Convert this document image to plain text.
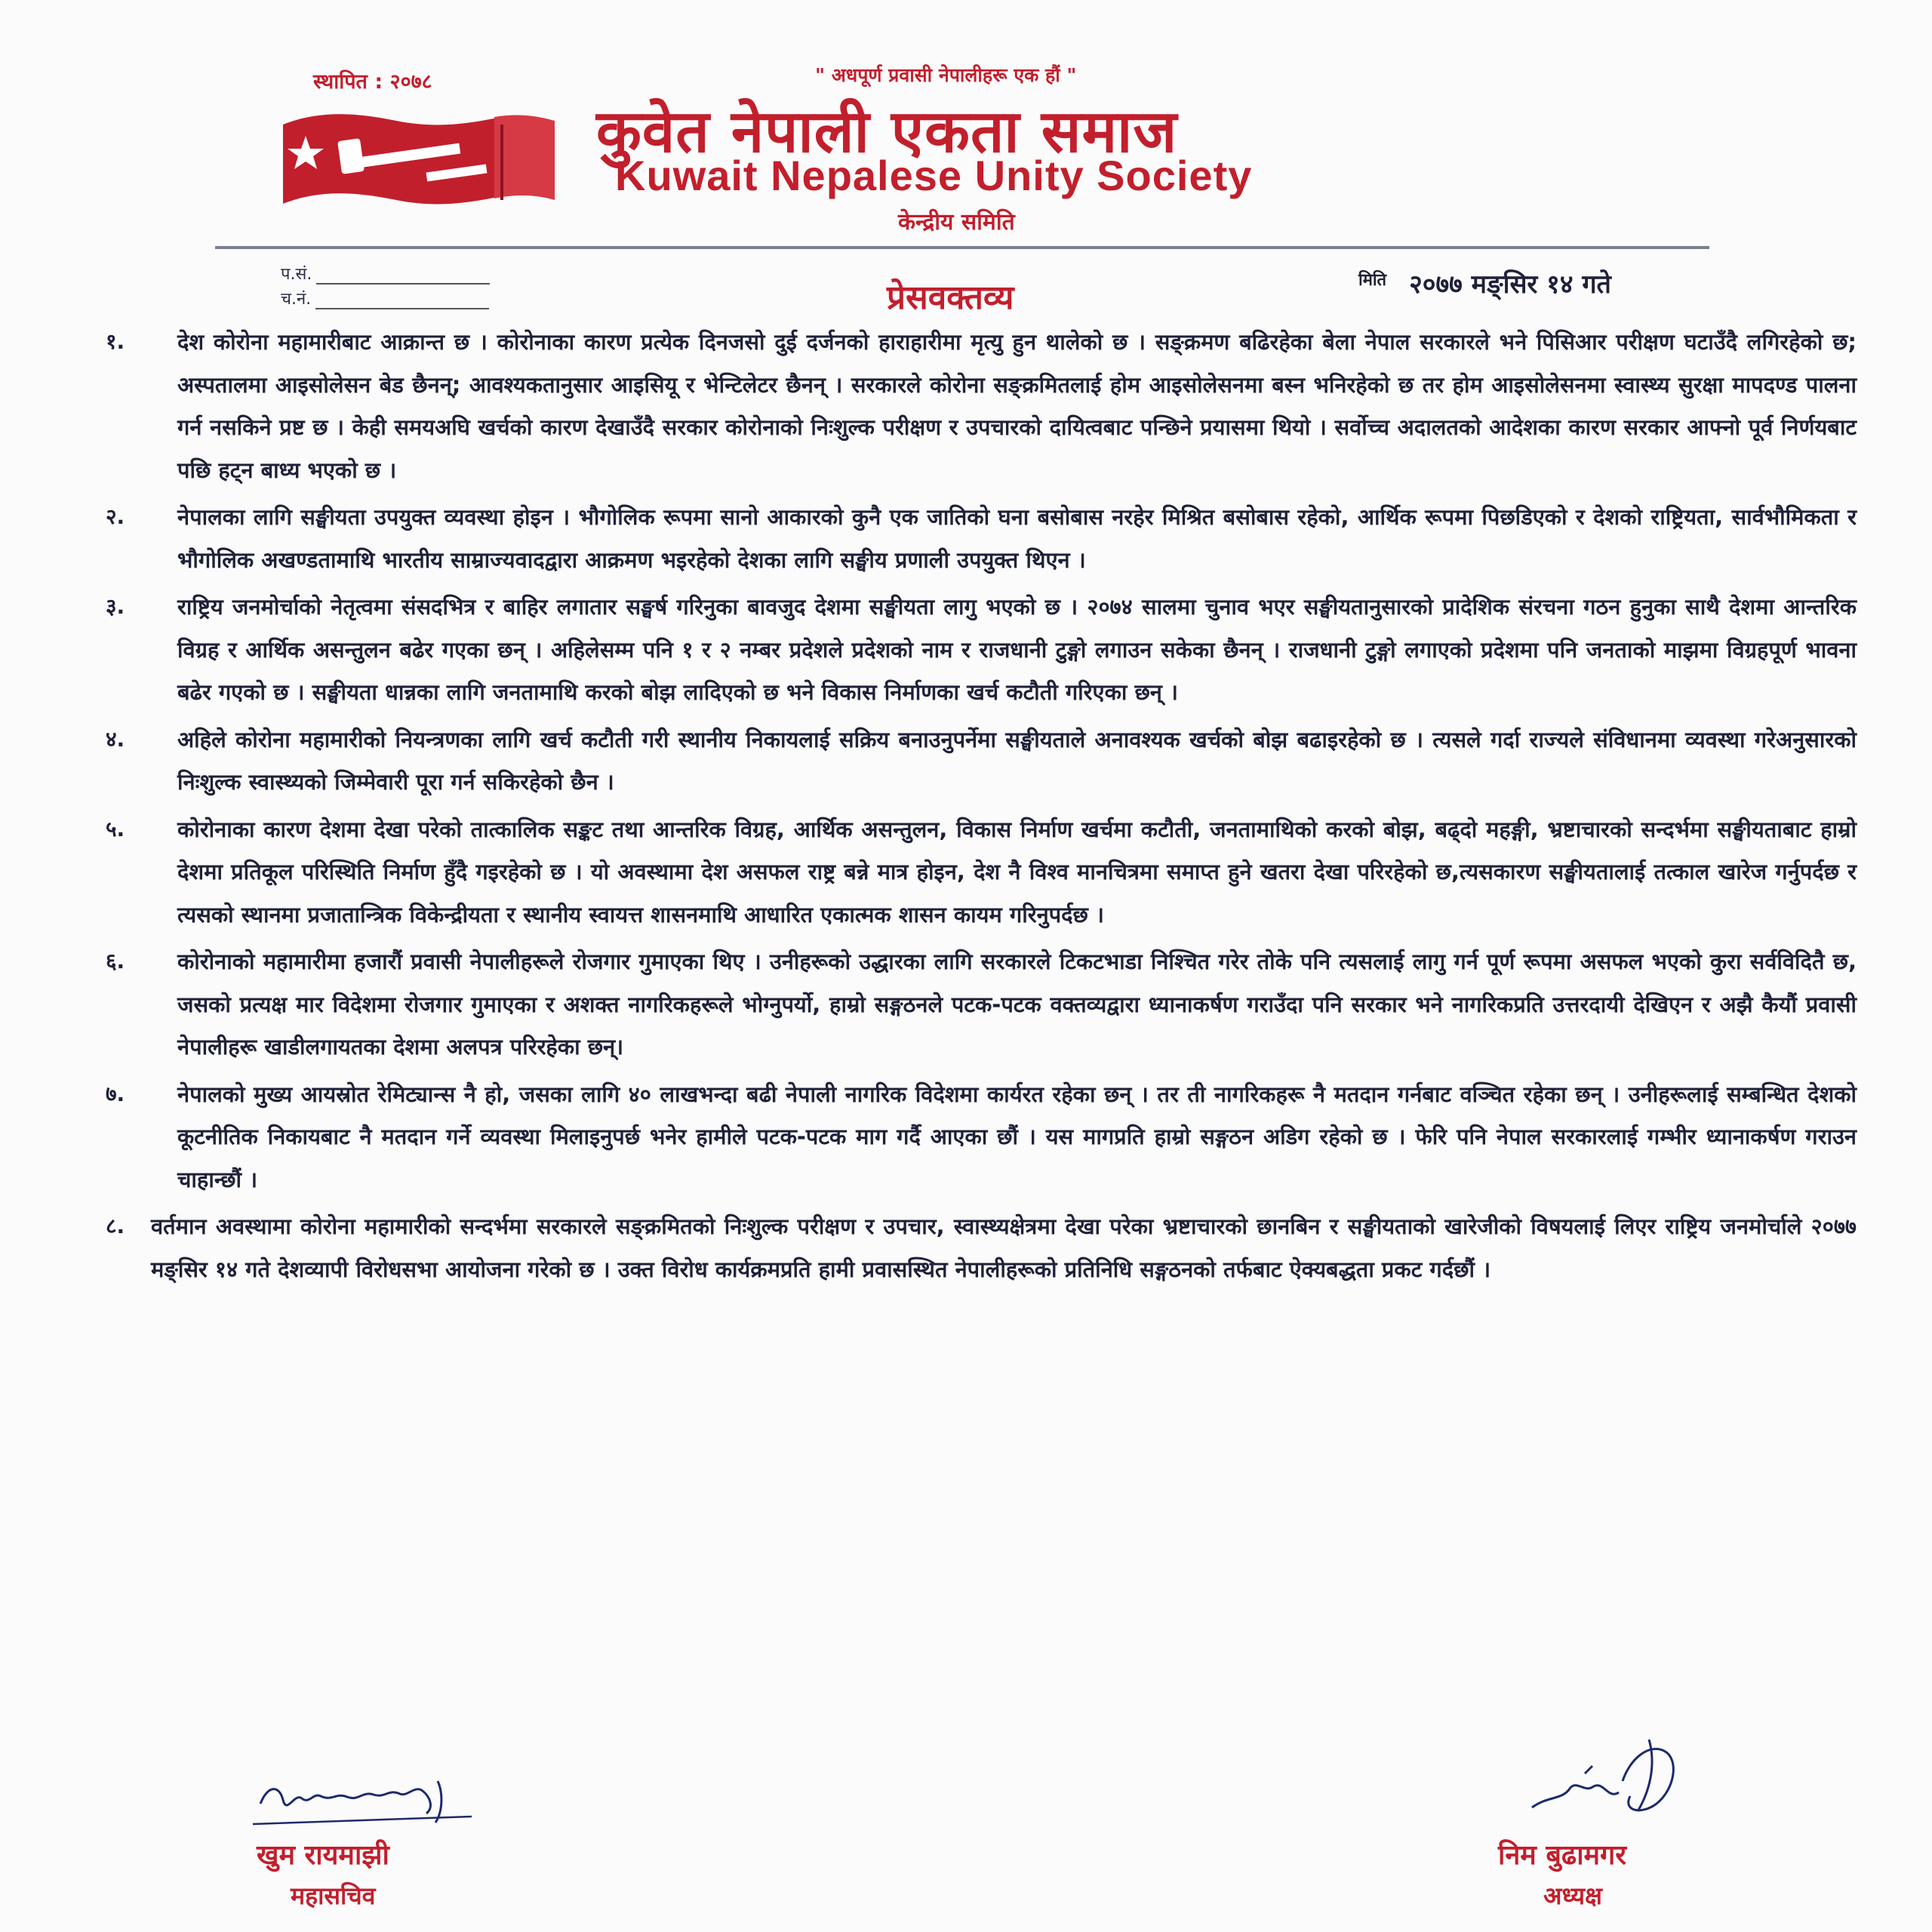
स्थापित : २०७८	" अधपूर्ण प्रवासी नेपालीहरू एक हौं "
कुवेत नेपाली एकता समाज
Kuwait Nepalese Unity Society
केन्द्रीय समिति
प.सं.
च.नं.	प्रेसवक्तव्य	$^{मिति}$ २०७७ मङ्सिर १४ गते
१.	देश कोरोना महामारीबाट आक्रान्त छ । कोरोनाका कारण प्रत्येक दिनजसो दुई दर्जनको हाराहारीमा मृत्यु हुन थालेको छ । सङ्क्रमण बढिरहेका बेला नेपाल सरकारले भने पिसिआर परीक्षण घटाउँदै लगिरहेको छ; अस्पतालमा आइसोलेसन बेड छैनन्; आवश्यकतानुसार आइसियू र भेन्टिलेटर छैनन् । सरकारले कोरोना सङ्क्रमितलाई होम आइसोलेसनमा बस्न भनिरहेको छ तर होम आइसोलेसनमा स्वास्थ्य सुरक्षा मापदण्ड पालना गर्न नसकिने प्रष्ट छ । केही समयअघि खर्चको कारण देखाउँदै सरकार कोरोनाको निःशुल्क परीक्षण र उपचारको दायित्वबाट पन्छिने प्रयासमा थियो । सर्वोच्च अदालतको आदेशका कारण सरकार आफ्नो पूर्व निर्णयबाट पछि हट्न बाध्य भएको छ ।
२.	नेपालका लागि सङ्घीयता उपयुक्त व्यवस्था होइन । भौगोलिक रूपमा सानो आकारको कुनै एक जातिको घना बसोबास नरहेर मिश्रित बसोबास रहेको, आर्थिक रूपमा पिछडिएको र देशको राष्ट्रियता, सार्वभौमिकता र भौगोलिक अखण्डतामाथि भारतीय साम्राज्यवादद्वारा आक्रमण भइरहेको देशका लागि सङ्घीय प्रणाली उपयुक्त थिएन ।
३.	राष्ट्रिय जनमोर्चाको नेतृत्वमा संसदभित्र र बाहिर लगातार सङ्घर्ष गरिनुका बावजुद देशमा सङ्घीयता लागु भएको छ । २०७४ सालमा चुनाव भएर सङ्घीयतानुसारको प्रादेशिक संरचना गठन हुनुका साथै देशमा आन्तरिक विग्रह र आर्थिक असन्तुलन बढेर गएका छन् । अहिलेसम्म पनि १ र २ नम्बर प्रदेशले प्रदेशको नाम र राजधानी टुङ्गो लगाउन सकेका छैनन् । राजधानी टुङ्गो लगाएको प्रदेशमा पनि जनताको माझमा विग्रहपूर्ण भावना बढेर गएको छ । सङ्घीयता धान्नका लागि जनतामाथि करको बोझ लादिएको छ भने विकास निर्माणका खर्च कटौती गरिएका छन् ।
४.	अहिले कोरोना महामारीको नियन्त्रणका लागि खर्च कटौती गरी स्थानीय निकायलाई सक्रिय बनाउनुपर्नेमा सङ्घीयताले अनावश्यक खर्चको बोझ बढाइरहेको छ । त्यसले गर्दा राज्यले संविधानमा व्यवस्था गरेअनुसारको निःशुल्क स्वास्थ्यको जिम्मेवारी पूरा गर्न सकिरहेको छैन ।
५.	कोरोनाका कारण देशमा देखा परेको तात्कालिक सङ्कट तथा आन्तरिक विग्रह, आर्थिक असन्तुलन, विकास निर्माण खर्चमा कटौती, जनतामाथिको करको बोझ, बढ्दो महङ्गी, भ्रष्टाचारको सन्दर्भमा सङ्घीयताबाट हाम्रो देशमा प्रतिकूल परिस्थिति निर्माण हुँदै गइरहेको छ । यो अवस्थामा देश असफल राष्ट्र बन्ने मात्र होइन, देश नै विश्व मानचित्रमा समाप्त हुने खतरा देखा परिरहेको छ,त्यसकारण सङ्घीयतालाई तत्काल खारेज गर्नुपर्दछ र त्यसको स्थानमा प्रजातान्त्रिक विकेन्द्रीयता र स्थानीय स्वायत्त शासनमाथि आधारित एकात्मक शासन कायम गरिनुपर्दछ ।
६.	कोरोनाको महामारीमा हजारौं प्रवासी नेपालीहरूले रोजगार गुमाएका थिए । उनीहरूको उद्धारका लागि सरकारले टिकटभाडा निश्चित गरेर तोके पनि त्यसलाई लागु गर्न पूर्ण रूपमा असफल भएको कुरा सर्वविदितै छ, जसको प्रत्यक्ष मार विदेशमा रोजगार गुमाएका र अशक्त नागरिकहरूले भोग्नुपर्यो, हाम्रो सङ्गठनले पटक-पटक वक्तव्यद्वारा ध्यानाकर्षण गराउँदा पनि सरकार भने नागरिकप्रति उत्तरदायी देखिएन र अझै कैयौं प्रवासी नेपालीहरू खाडीलगायतका देशमा अलपत्र परिरहेका छन्।
७.	नेपालको मुख्य आयस्रोत रेमिट्यान्स नै हो, जसका लागि ४० लाखभन्दा बढी नेपाली नागरिक विदेशमा कार्यरत रहेका छन् । तर ती नागरिकहरू नै मतदान गर्नबाट वञ्चित रहेका छन् । उनीहरूलाई सम्बन्धित देशको कूटनीतिक निकायबाट नै मतदान गर्ने व्यवस्था मिलाइनुपर्छ भनेर हामीले पटक-पटक माग गर्दै आएका छौं । यस मागप्रति हाम्रो सङ्गठन अडिग रहेको छ । फेरि पनि नेपाल सरकारलाई गम्भीर ध्यानाकर्षण गराउन चाहान्छौं ।
८.	वर्तमान अवस्थामा कोरोना महामारीको सन्दर्भमा सरकारले सङ्क्रमितको निःशुल्क परीक्षण र उपचार, स्वास्थ्यक्षेत्रमा देखा परेका भ्रष्टाचारको छानबिन र सङ्घीयताको खारेजीको विषयलाई लिएर राष्ट्रिय जनमोर्चाले २०७७ मङ्सिर १४ गते देशव्यापी विरोधसभा आयोजना गरेको छ । उक्त विरोध कार्यक्रमप्रति हामी प्रवासस्थित नेपालीहरूको प्रतिनिधि सङ्गठनको तर्फबाट ऐक्यबद्धता प्रकट गर्दछौं ।
खुम रायमाझी
महासचिव
निम बुढामगर
अध्यक्ष
